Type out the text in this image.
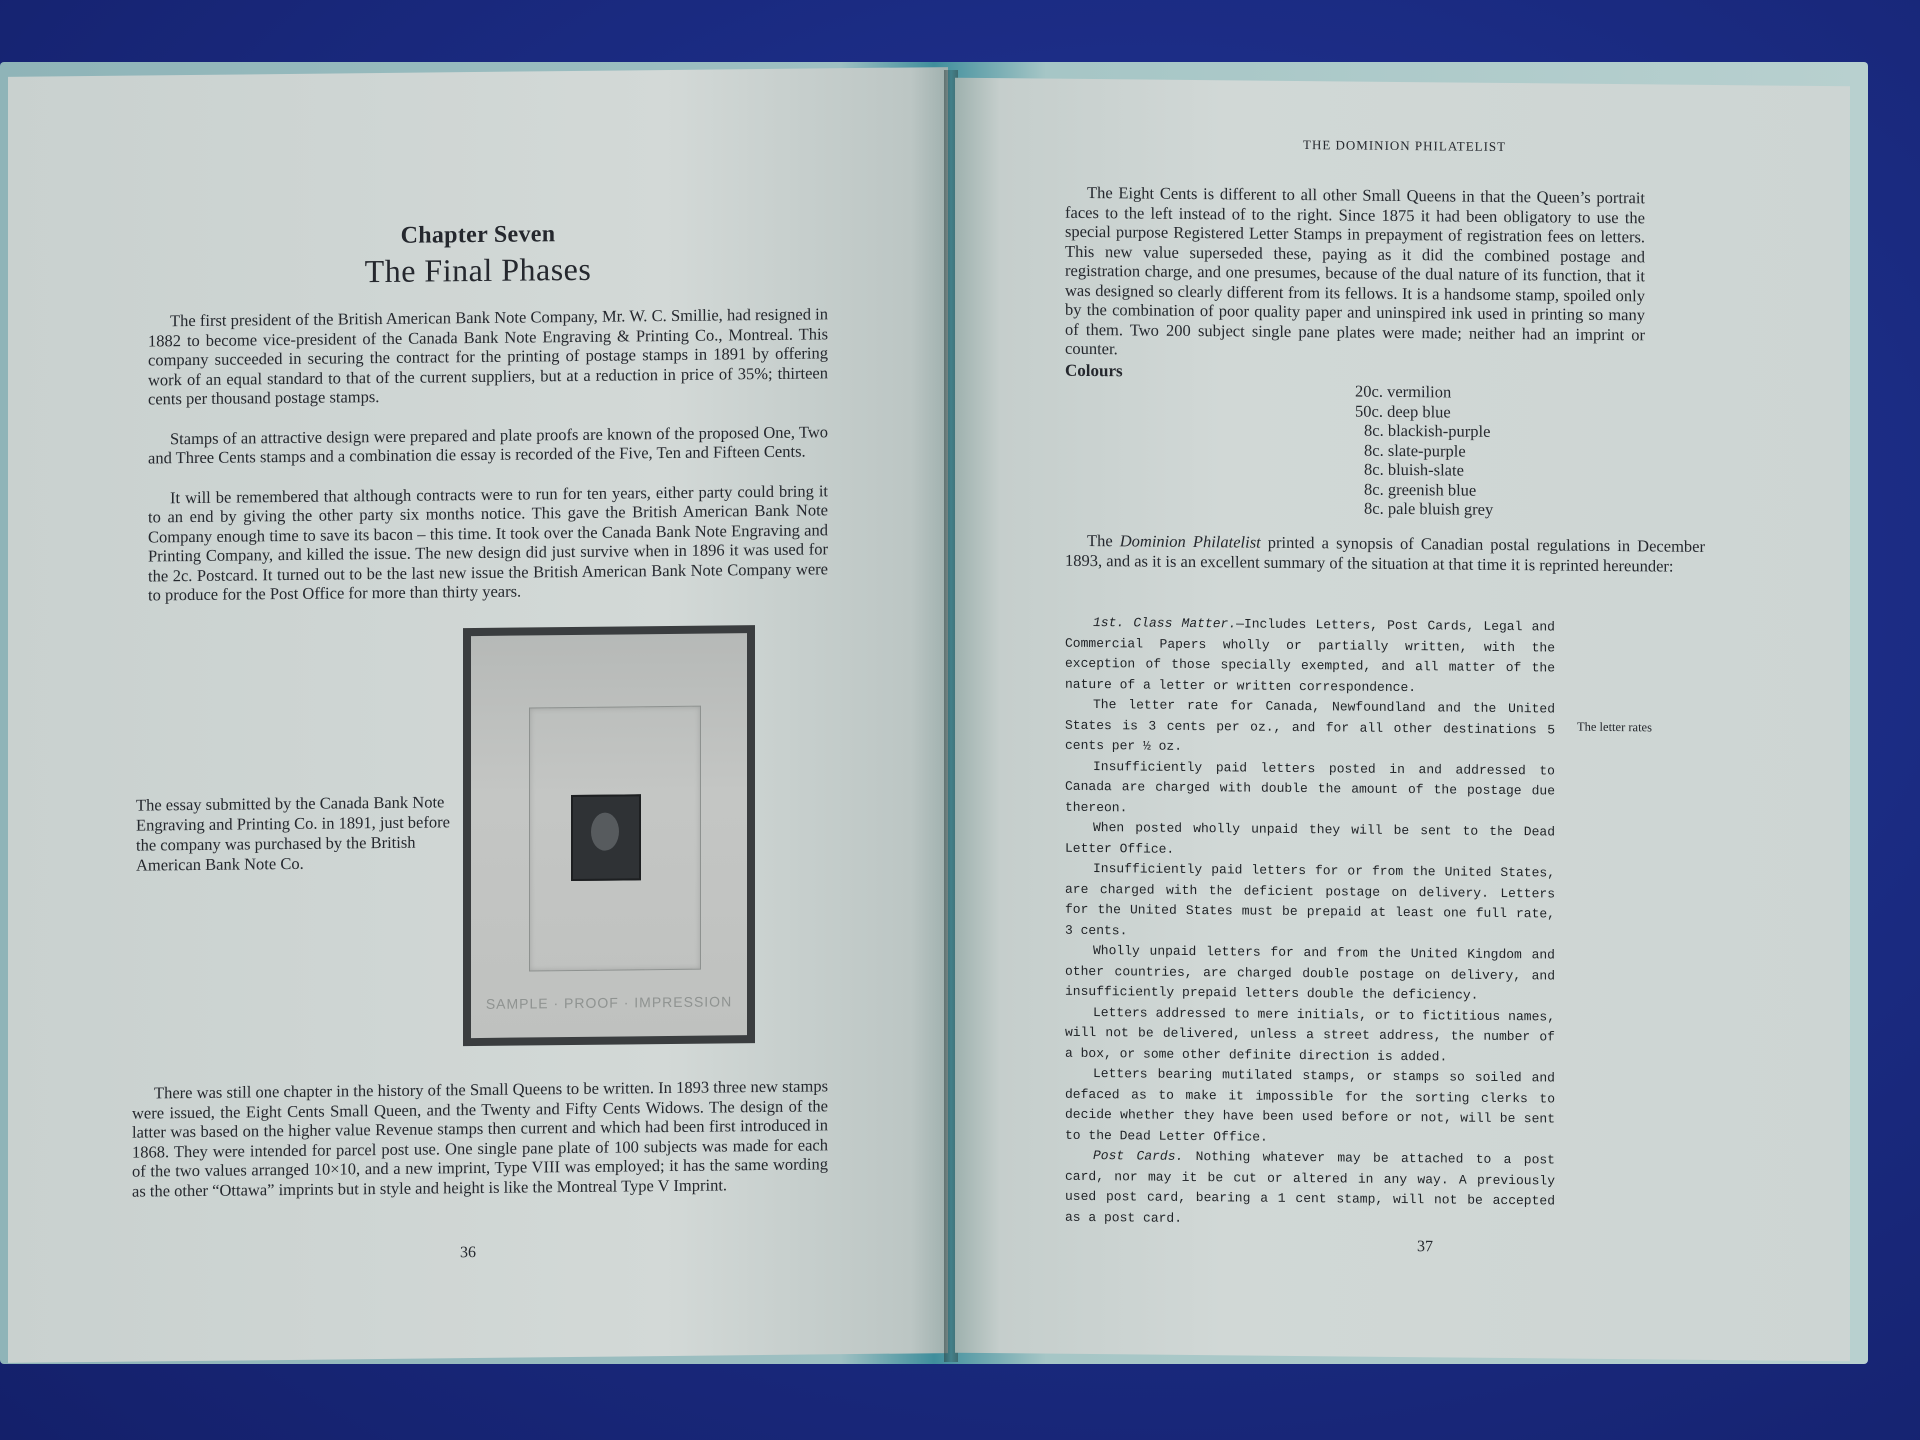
Chapter Seven
The Final Phases

The first president of the British American Bank Note Company, Mr. W. C. Smillie, had resigned in 1882 to become vice-president of the Canada Bank Note Engraving & Printing Co., Montreal. This company succeeded in securing the contract for the printing of postage stamps in 1891 by offering work of an equal standard to that of the current suppliers, but at a reduction in price of 35%; thirteen cents per thousand postage stamps.

Stamps of an attractive design were prepared and plate proofs are known of the proposed One, Two and Three Cents stamps and a combination die essay is recorded of the Five, Ten and Fifteen Cents.

It will be remembered that although contracts were to run for ten years, either party could bring it to an end by giving the other party six months notice. This gave the British American Bank Note Company enough time to save its bacon – this time. It took over the Canada Bank Note Engraving and Printing Company, and killed the issue. The new design did just survive when in 1896 it was used for the 2c. Postcard. It turned out to be the last new issue the British American Bank Note Company were to produce for the Post Office for more than thirty years.

The essay submitted by the Canada Bank Note Engraving and Printing Co. in 1891, just before the company was purchased by the British American Bank Note Co.

SAMPLE · PROOF · IMPRESSION

There was still one chapter in the history of the Small Queens to be written. In 1893 three new stamps were issued, the Eight Cents Small Queen, and the Twenty and Fifty Cents Widows. The design of the latter was based on the higher value Revenue stamps then current and which had been first introduced in 1868. They were intended for parcel post use. One single pane plate of 100 subjects was made for each of the two values arranged 10×10, and a new imprint, Type VIII was employed; it has the same wording as the other “Ottawa” imprints but in style and height is like the Montreal Type V Imprint.

36
THE DOMINION PHILATELIST

The Eight Cents is different to all other Small Queens in that the Queen’s portrait faces to the left instead of to the right. Since 1875 it had been obligatory to use the special purpose Registered Letter Stamps in prepayment of registration fees on letters. This new value superseded these, paying as it did the combined postage and registration charge, and one presumes, because of the dual nature of its function, that it was designed so clearly different from its fellows. It is a handsome stamp, spoiled only by the combination of poor quality paper and uninspired ink used in printing so many of them. Two 200 subject single pane plates were made; neither had an imprint or counter.

Colours

20c. vermilion

50c. deep blue

8c. blackish-purple

8c. slate-purple

8c. bluish-slate

8c. greenish blue

8c. pale bluish grey

The Dominion Philatelist printed a synopsis of Canadian postal regulations in December 1893, and as it is an excellent summary of the situation at that time it is reprinted hereunder:

1st. Class Matter.—Includes Letters, Post Cards, Legal and Commercial Papers wholly or partially written, with the exception of those specially exempted, and all matter of the nature of a letter or written correspondence.

The letter rate for Canada, Newfoundland and the United States is 3 cents per oz., and for all other destinations 5 cents per ½ oz.

Insufficiently paid letters posted in and addressed to Canada are charged with double the amount of the postage due thereon.

When posted wholly unpaid they will be sent to the Dead Letter Office.

Insufficiently paid letters for or from the United States, are charged with the deficient postage on delivery. Letters for the United States must be prepaid at least one full rate, 3 cents.

Wholly unpaid letters for and from the United Kingdom and other countries, are charged double postage on delivery, and insufficiently prepaid letters double the deficiency.

Letters addressed to mere initials, or to fictitious names, will not be delivered, unless a street address, the number of a box, or some other definite direction is added.

Letters bearing mutilated stamps, or stamps so soiled and defaced as to make it impossible for the sorting clerks to decide whether they have been used before or not, will be sent to the Dead Letter Office.

Post Cards. Nothing whatever may be attached to a post card, nor may it be cut or altered in any way. A previously used post card, bearing a 1 cent stamp, will not be accepted as a post card.

The letter rates
37
